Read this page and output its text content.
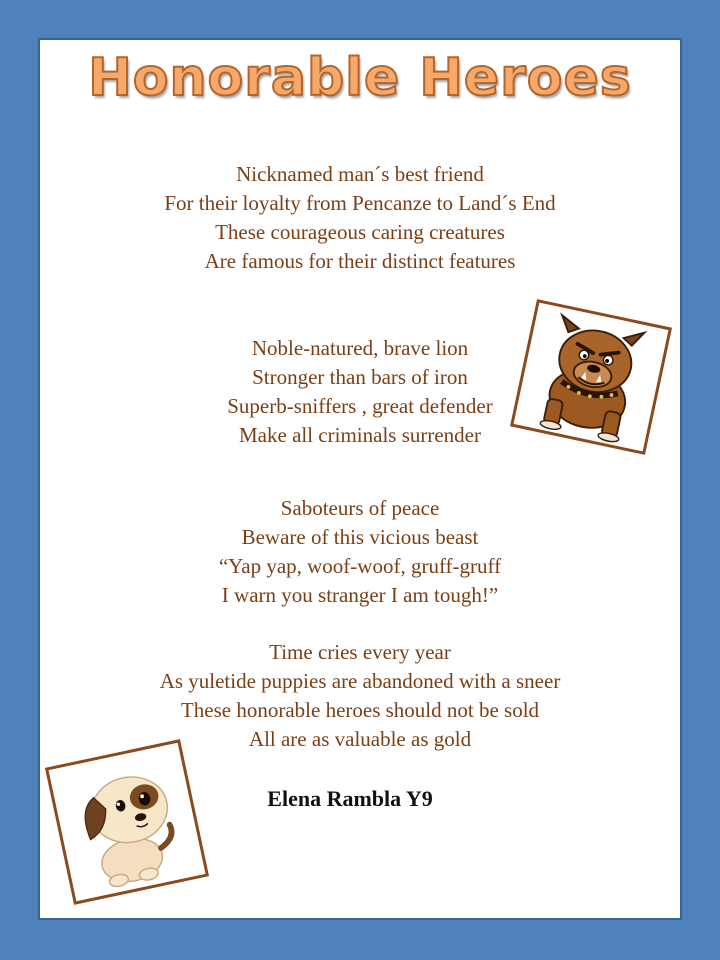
Honorable Heroes
Nicknamed man´s best friend
For their loyalty from Pencanze to Land´s End
These courageous caring creatures
Are famous for their distinct features
Noble-natured, brave lion
Stronger than bars of iron
Superb-sniffers , great defender
Make all criminals surrender
Saboteurs of peace
Beware of this vicious beast
“Yap yap, woof-woof, gruff-gruff
I warn you stranger I am tough!”
Time cries every year
As yuletide puppies are abandoned with a sneer
These honorable heroes should not be sold
All are as valuable as gold
Elena Rambla Y9
